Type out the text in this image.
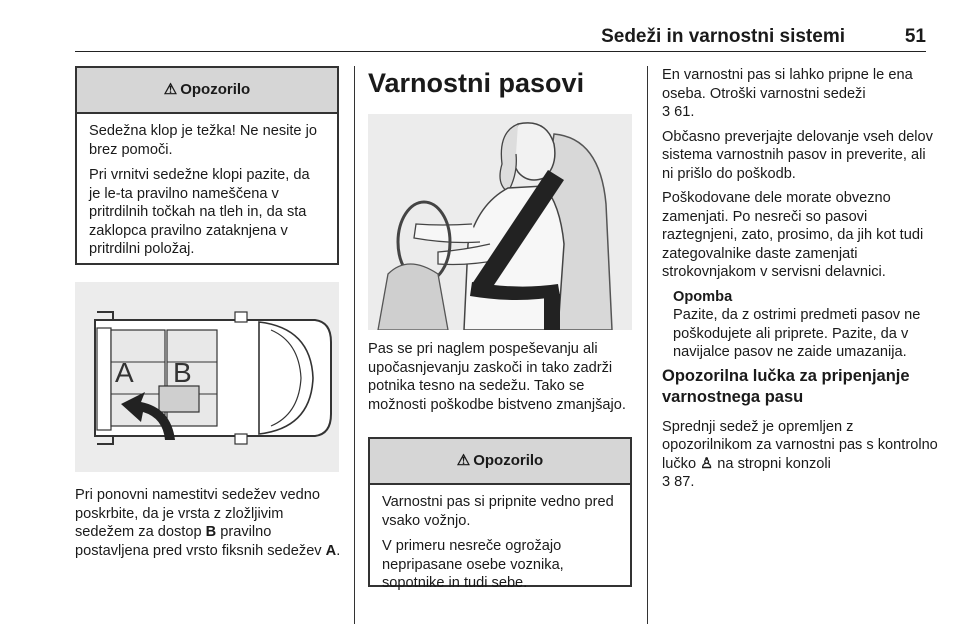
Sedeži in varnostni sistemi	51
⚠ Opozorilo

Sedežna klop je težka! Ne nesite jo brez pomoči.

Pri vrnitvi sedežne klopi pazite, da je le-ta pravilno nameščena v pritrdilnih točkah na tleh in, da sta zaklopca pravilno zataknjena v pritrdilni položaj.

A B
Pri ponovni namestitvi sedežev vedno poskrbite, da je vrsta z zložljivim sedežem za dostop B pravilno postavljena pred vrsto fiksnih sedežev A.
Varnostni pasovi
Pas se pri naglem pospeševanju ali upočasnjevanju zaskoči in tako zadrži potnika tesno na sedežu. Tako se možnosti poškodbe bistveno zmanjšajo.
⚠ Opozorilo

Varnostni pas si pripnite vedno pred vsako vožnjo.

V primeru nesreče ogrožajo nepripasane osebe voznika, sopotnike in tudi sebe.

En varnostni pas si lahko pripne le ena oseba. Otroški varnostni sedeži
3 61.

Občasno preverjajte delovanje vseh delov sistema varnostnih pasov in preverite, ali ni prišlo do poškodb.

Poškodovane dele morate obvezno zamenjati. Po nesreči so pasovi raztegnjeni, zato, prosimo, da jih kot tudi zategovalnike daste zamenjati strokovnjakom v servisni delavnici.

Opomba
Pazite, da z ostrimi predmeti pasov ne poškodujete ali priprete. Pazite, da v navijalce pasov ne zaide umazanija.
Opozorilna lučka za pripenjanje varnostnega pasu

Sprednji sedež je opremljen z opozorilnikom za varnostni pas s kontrolno lučko ♙ na stropni konzoli
3 87.
